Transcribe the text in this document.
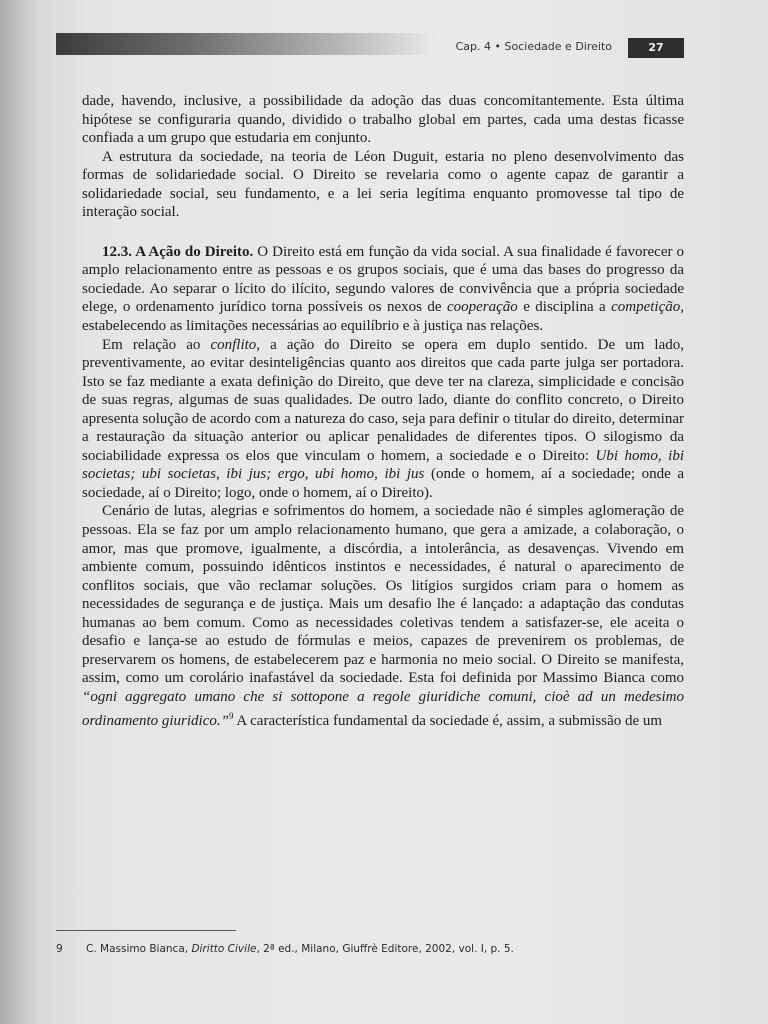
Cap. 4 • Sociedade e Direito	27

dade, havendo, inclusive, a possibilidade da adoção das duas concomitantemente. Esta última hipótese se configuraria quando, dividido o trabalho global em partes, cada uma destas ficasse confiada a um grupo que estudaria em conjunto.

A estrutura da sociedade, na teoria de Léon Duguit, estaria no pleno desenvolvimento das formas de solidariedade social. O Direito se revelaria como o agente capaz de garantir a solidariedade social, seu fundamento, e a lei seria legítima enquanto promovesse tal tipo de interação social.

12.3. A Ação do Direito. O Direito está em função da vida social. A sua finalidade é favorecer o amplo relacionamento entre as pessoas e os grupos sociais, que é uma das bases do progresso da sociedade. Ao separar o lícito do ilícito, segundo valores de convivência que a própria sociedade elege, o ordenamento jurídico torna possíveis os nexos de cooperação e disciplina a competição, estabelecendo as limitações necessárias ao equilíbrio e à justiça nas relações.

Em relação ao conflito, a ação do Direito se opera em duplo sentido. De um lado, preventivamente, ao evitar desinteligências quanto aos direitos que cada parte julga ser portadora. Isto se faz mediante a exata definição do Direito, que deve ter na clareza, simplicidade e concisão de suas regras, algumas de suas qualidades. De outro lado, diante do conflito concreto, o Direito apresenta solução de acordo com a natureza do caso, seja para definir o titular do direito, determinar a restauração da situação anterior ou aplicar penalidades de diferentes tipos. O silogismo da sociabilidade expressa os elos que vinculam o homem, a sociedade e o Direito: Ubi homo, ibi societas; ubi societas, ibi jus; ergo, ubi homo, ibi jus (onde o homem, aí a sociedade; onde a sociedade, aí o Direito; logo, onde o homem, aí o Direito).

Cenário de lutas, alegrias e sofrimentos do homem, a sociedade não é simples aglomeração de pessoas. Ela se faz por um amplo relacionamento humano, que gera a amizade, a colaboração, o amor, mas que promove, igualmente, a discórdia, a intolerância, as desavenças. Vivendo em ambiente comum, possuindo idênticos instintos e necessidades, é natural o aparecimento de conflitos sociais, que vão reclamar soluções. Os litígios surgidos criam para o homem as necessidades de segurança e de justiça. Mais um desafio lhe é lançado: a adaptação das condutas humanas ao bem comum. Como as necessidades coletivas tendem a satisfazer-se, ele aceita o desafio e lança-se ao estudo de fórmulas e meios, capazes de prevenirem os problemas, de preservarem os homens, de estabelecerem paz e harmonia no meio social. O Direito se manifesta, assim, como um corolário inafastável da sociedade. Esta foi definida por Massimo Bianca como “ogni aggregato umano che si sottopone a regole giuridiche comuni, cioè ad un medesimo ordinamento giuridico.”$^9$ A característica fundamental da sociedade é, assim, a submissão de um

9 C. Massimo Bianca, Diritto Civile, 2ª ed., Milano, Giuffrè Editore, 2002, vol. I, p. 5.
